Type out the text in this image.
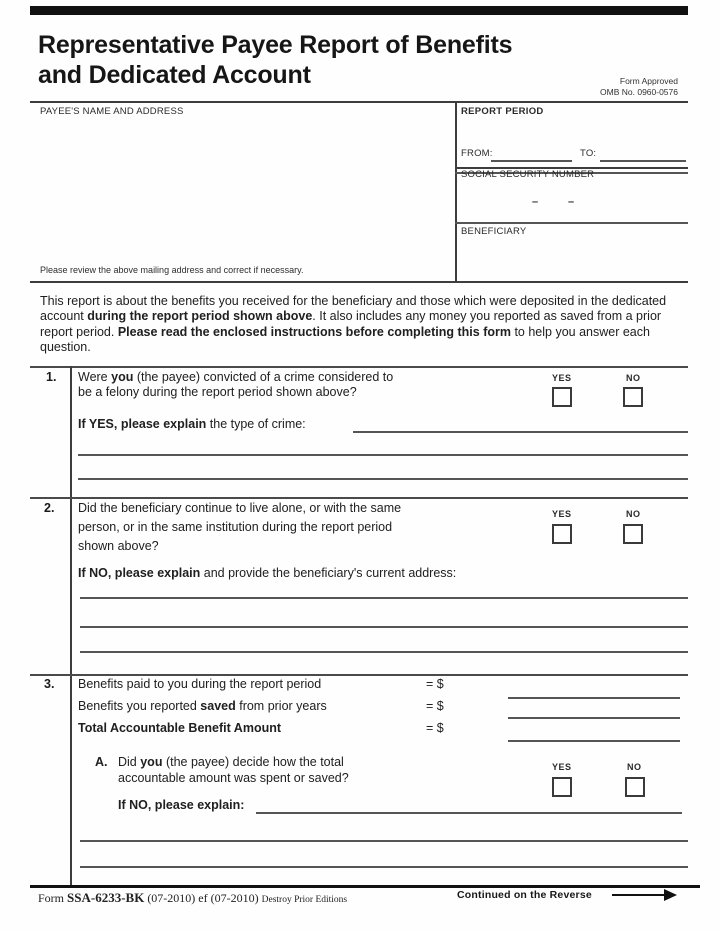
Representative Payee Report of Benefits
and Dedicated Account	Form Approved
OMB No. 0960-0576
PAYEE'S NAME AND ADDRESS
Please review the above mailing address and correct if necessary.
REPORT PERIOD
FROM:	TO:
SOCIAL SECURITY NUMBER
–	–
BENEFICIARY
This report is about the benefits you received for the beneficiary and those which were deposited in the dedicated account during the report period shown above. It also includes any money you reported as saved from a prior report period. Please read the enclosed instructions before completing this form to help you answer each question.
1. Were you (the payee) convicted of a crime considered to
be a felony during the report period shown above?
YES	NO
If YES, please explain the type of crime:
2. Did the beneficiary continue to live alone, or with the same
person, or in the same institution during the report period
shown above?
YES	NO
If NO, please explain and provide the beneficiary's current address:
3. Benefits paid to you during the report period	= $
Benefits you reported saved from prior years	= $
Total Accountable Benefit Amount	= $
A. Did you (the payee) decide how the total
accountable amount was spent or saved?
YES	NO
If NO, please explain:
Form SSA-6233-BK (07-2010) ef (07-2010) Destroy Prior Editions	Continued on the Reverse
